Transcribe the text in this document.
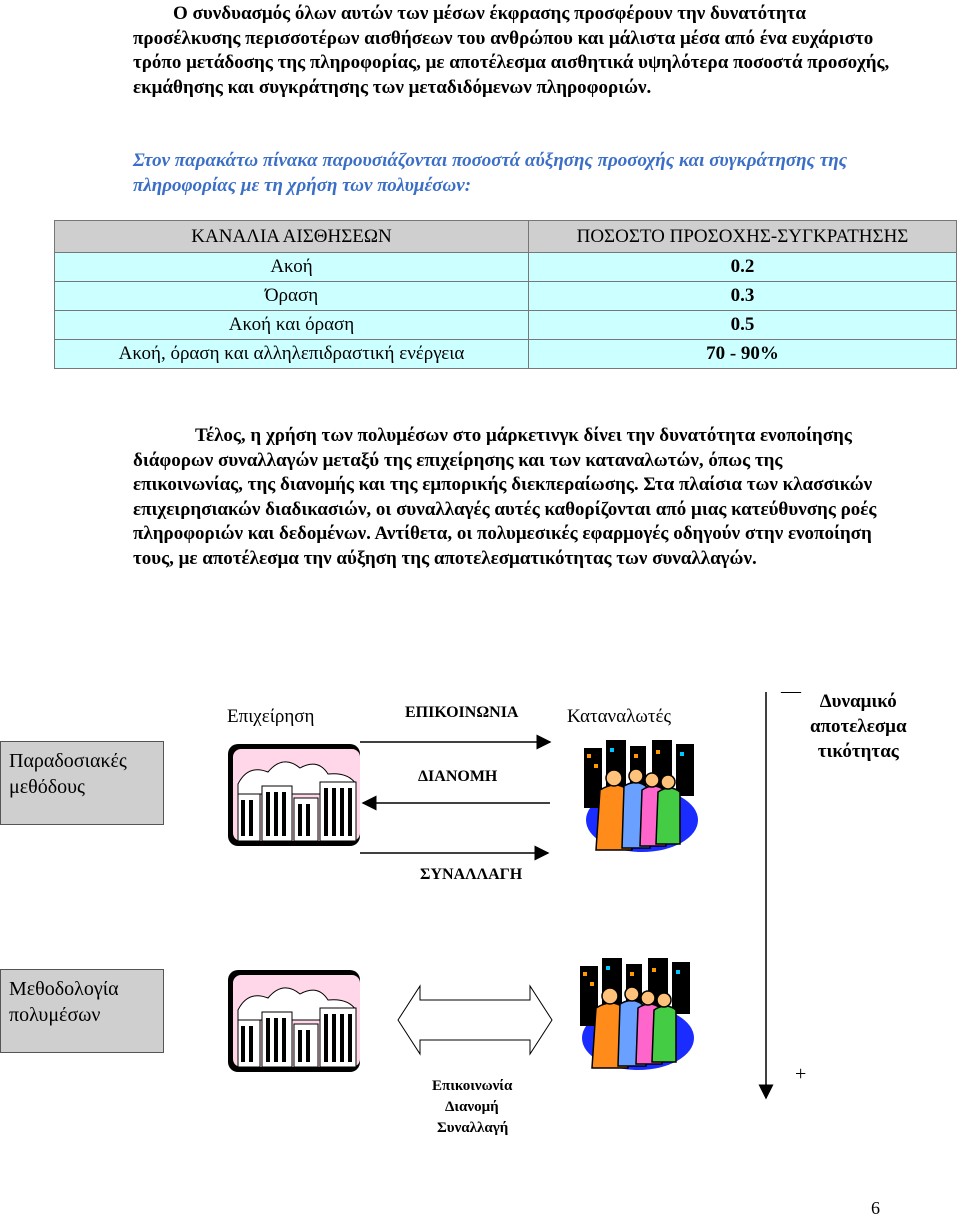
Ο συνδυασμός όλων αυτών των μέσων έκφρασης προσφέρουν την δυνατότητα προσέλκυσης περισσοτέρων αισθήσεων του ανθρώπου και μάλιστα μέσα από ένα ευχάριστο τρόπο μετάδοσης της πληροφορίας, με αποτέλεσμα αισθητικά υψηλότερα ποσοστά προσοχής, εκμάθησης και συγκράτησης των μεταδιδόμενων πληροφοριών.

Στον παρακάτω πίνακα παρουσιάζονται ποσοστά αύξησης προσοχής και συγκράτησης της πληροφορίας με τη χρήση των πολυμέσων:

ΚΑΝΑΛΙΑ ΑΙΣΘΗΣΕΩΝ	ΠΟΣΟΣΤΟ ΠΡΟΣΟΧΗΣ-ΣΥΓΚΡΑΤΗΣΗΣ
Ακοή	0.2
Όραση	0.3
Ακοή και όραση	0.5
Ακοή, όραση και αλληλεπιδραστική ενέργεια	70 - 90%

Τέλος, η χρήση των πολυμέσων στο μάρκετινγκ δίνει την δυνατότητα ενοποίησης διάφορων συναλλαγών μεταξύ της επιχείρησης και των καταναλωτών, όπως της επικοινωνίας, της διανομής και της εμπορικής διεκπεραίωσης. Στα πλαίσια των κλασσικών επιχειρησιακών διαδικασιών, οι συναλλαγές αυτές καθορίζονται από μιας κατεύθυνσης ροές πληροφοριών και δεδομένων. Αντίθετα, οι πολυμεσικές εφαρμογές οδηγούν στην ενοποίηση τους, με αποτέλεσμα την αύξηση της αποτελεσματικότητας των συναλλαγών.

Παραδοσιακές μεθόδους
Μεθοδολογία πολυμέσων
Επιχείρηση	Καταναλωτές
ΕΠΙΚΟΙΝΩΝΙΑ
ΔΙΑΝΟΜΗ
ΣΥΝΑΛΛΑΓΗ
Επικοινωνία
Διανομή
Συναλλαγή
Δυναμικό
αποτελεσμα
τικότητας
—
+
6
